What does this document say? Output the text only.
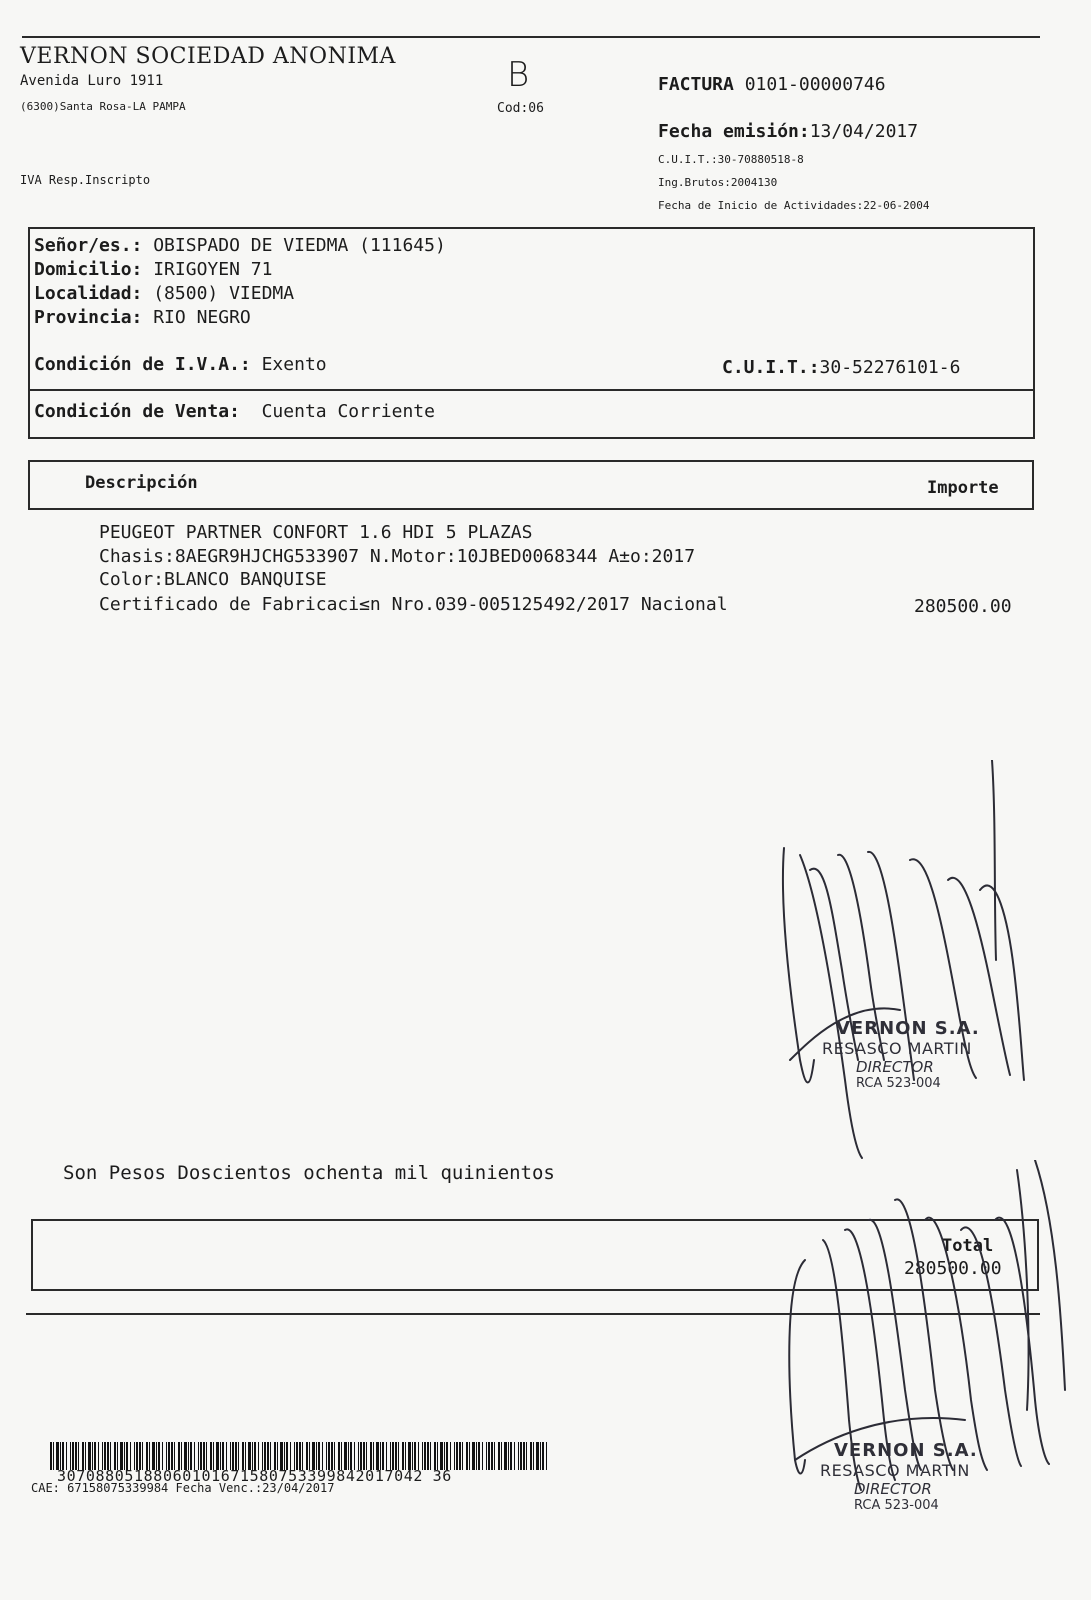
VERNON SOCIEDAD ANONIMA
Avenida Luro 1911
(6300)Santa Rosa-LA PAMPA
IVA Resp.Inscripto
B
Cod:06
FACTURA 0101-00000746
Fecha emisión:13/04/2017
C.U.I.T.:30-70880518-8
Ing.Brutos:2004130
Fecha de Inicio de Actividades:22-06-2004
Señor/es.: OBISPADO DE VIEDMA (111645)
Domicilio: IRIGOYEN 71
Localidad: (8500) VIEDMA
Provincia: RIO NEGRO
Condición de I.V.A.: Exento	C.U.I.T.:30-52276101-6
Condición de Venta: Cuenta Corriente
Descripción	Importe
PEUGEOT PARTNER CONFORT 1.6 HDI 5 PLAZAS
Chasis:8AEGR9HJCHG533907 N.Motor:10JBED0068344 A±o:2017
Color:BLANCO BANQUISE
Certificado de Fabricaci≤n Nro.039-005125492/2017 Nacional	280500.00
VERNON S.A.
RESASCO MARTIN
DIRECTOR
RCA 523-004
Son Pesos Doscientos ochenta mil quinientos
Total
280500.00
VERNON S.A.
RESASCO MARTIN
DIRECTOR
RCA 523-004
30708805188060101671580753399842017042 36
CAE: 67158075339984 Fecha Venc.:23/04/2017
